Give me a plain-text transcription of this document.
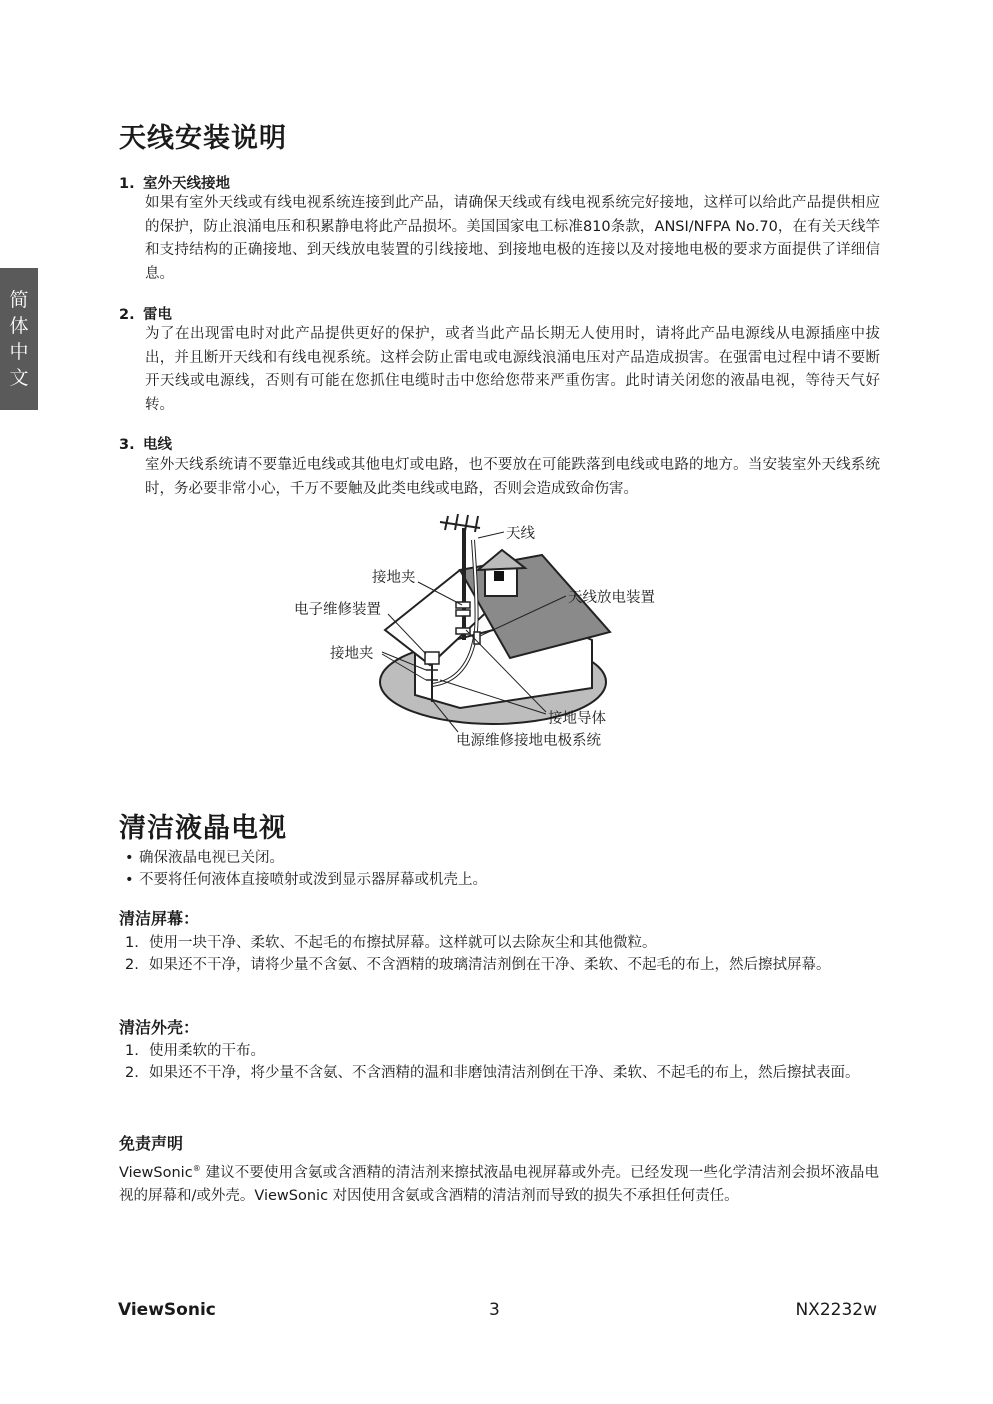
简
体
中
文
天线安装说明
1. 室外天线接地
如果有室外天线或有线电视系统连接到此产品，请确保天线或有线电视系统完好接地，这样可以给此产品提供相应的保护，防止浪涌电压和积累静电将此产品损坏。美国国家电工标准810条款，ANSI/NFPA No.70，在有关天线竿和支持结构的正确接地、到天线放电装置的引线接地、到接地电极的连接以及对接地电极的要求方面提供了详细信息。
2. 雷电
为了在出现雷电时对此产品提供更好的保护，或者当此产品长期无人使用时，请将此产品电源线从电源插座中拔出，并且断开天线和有线电视系统。这样会防止雷电或电源线浪涌电压对产品造成损害。在强雷电过程中请不要断开天线或电源线，否则有可能在您抓住电缆时击中您给您带来严重伤害。此时请关闭您的液晶电视，等待天气好转。
3. 电线
室外天线系统请不要靠近电线或其他电灯或电路，也不要放在可能跌落到电线或电路的地方。当安装室外天线系统时，务必要非常小心，千万不要触及此类电线或电路，否则会造成致命伤害。
清洁液晶电视
• 确保液晶电视已关闭。
• 不要将任何液体直接喷射或泼到显示器屏幕或机壳上。
清洁屏幕：
1. 使用一块干净、柔软、不起毛的布擦拭屏幕。这样就可以去除灰尘和其他微粒。
2. 如果还不干净，请将少量不含氨、不含酒精的玻璃清洁剂倒在干净、柔软、不起毛的布上，然后擦拭屏幕。
清洁外壳：
1. 使用柔软的干布。
2. 如果还不干净，将少量不含氨、不含酒精的温和非磨蚀清洁剂倒在干净、柔软、不起毛的布上，然后擦拭表面。
免责声明
ViewSonic® 建议不要使用含氨或含酒精的清洁剂来擦拭液晶电视屏幕或外壳。已经发现一些化学清洁剂会损坏液晶电视的屏幕和/或外壳。ViewSonic 对因使用含氨或含酒精的清洁剂而导致的损失不承担任何责任。
天线
接地夹
天线放电装置
电子维修装置
接地夹
接地导体
电源维修接地电极系统
ViewSonic	3	NX2232w
